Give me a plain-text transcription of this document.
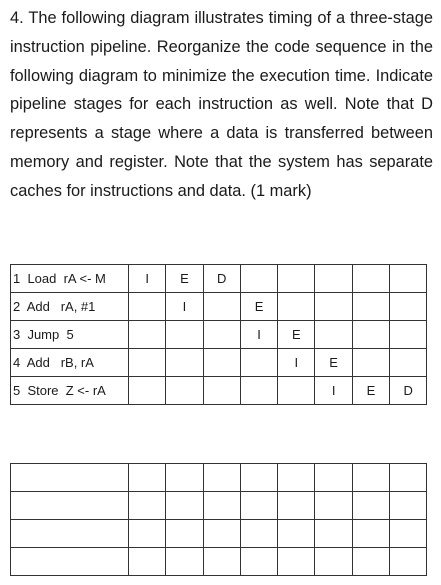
4. The following diagram illustrates timing of a three-stage instruction pipeline. Reorganize the code sequence in the following diagram to minimize the execution time. Indicate pipeline stages for each instruction as well. Note that D represents a stage where a data is transferred between memory and register. Note that the system has separate caches for instructions and data. (1 mark)

1  Load  rA <- M	I	E	D					
2  Add   rA, #1		I		E				
3  Jump  5				I	E			
4  Add   rB, rA					I	E		
5  Store  Z <- rA						I	E	D
